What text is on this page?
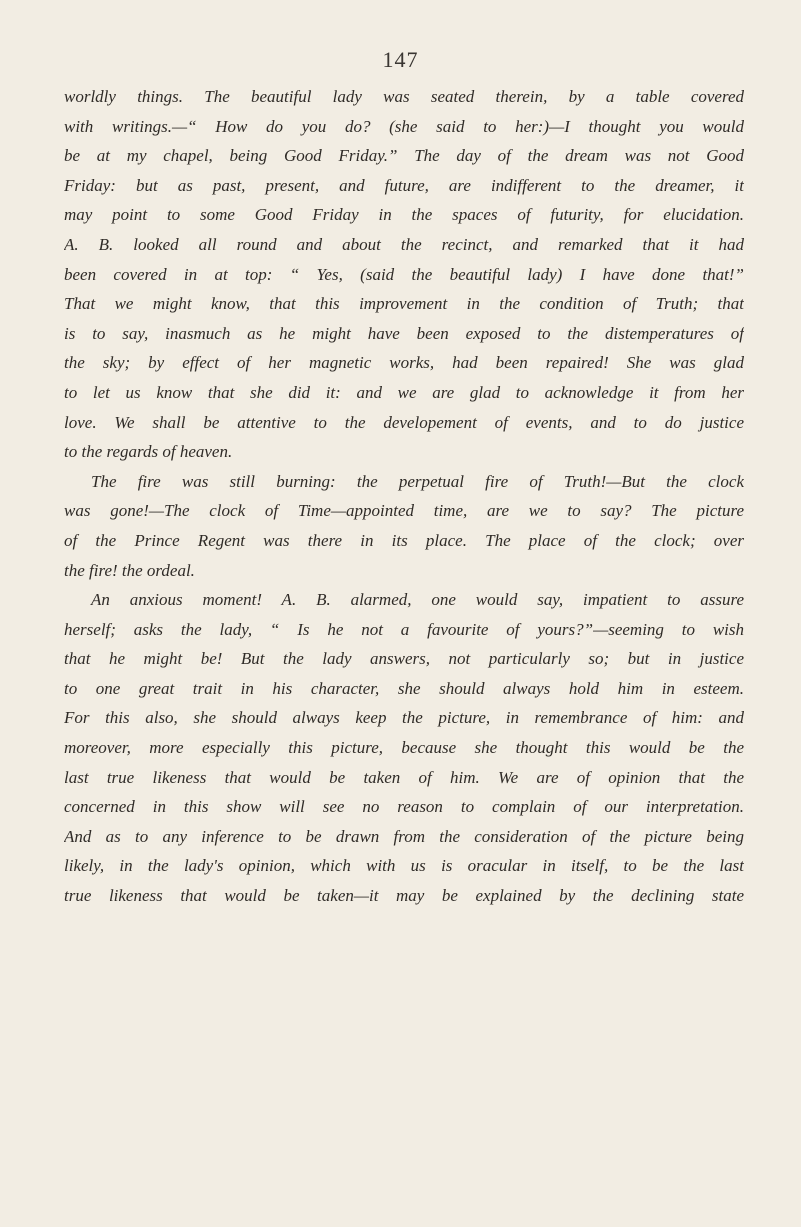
147
worldly things. The beautiful lady was seated therein, by a table covered
with writings.—“ How do you do? (she said to her:)—I thought you would
be at my chapel, being Good Friday.” The day of the dream was not Good
Friday: but as past, present, and future, are indifferent to the dreamer, it
may point to some Good Friday in the spaces of futurity, for elucidation.
A. B. looked all round and about the recinct, and remarked that it had
been covered in at top: “ Yes, (said the beautiful lady) I have done that!”
That we might know, that this improvement in the condition of Truth; that
is to say, inasmuch as he might have been exposed to the distemperatures of
the sky; by effect of her magnetic works, had been repaired! She was glad
to let us know that she did it: and we are glad to acknowledge it from her
love. We shall be attentive to the developement of events, and to do justice
to the regards of heaven.
The fire was still burning: the perpetual fire of Truth!—But the clock
was gone!—The clock of Time—appointed time, are we to say? The picture
of the Prince Regent was there in its place. The place of the clock; over
the fire! the ordeal.
An anxious moment! A. B. alarmed, one would say, impatient to assure
herself; asks the lady, “ Is he not a favourite of yours?”—seeming to wish
that he might be! But the lady answers, not particularly so; but in justice
to one great trait in his character, she should always hold him in esteem.
For this also, she should always keep the picture, in remembrance of him: and
moreover, more especially this picture, because she thought this would be the
last true likeness that would be taken of him. We are of opinion that the
concerned in this show will see no reason to complain of our interpretation.
And as to any inference to be drawn from the consideration of the picture being
likely, in the lady's opinion, which with us is oracular in itself, to be the last
true likeness that would be taken—it may be explained by the declining state
